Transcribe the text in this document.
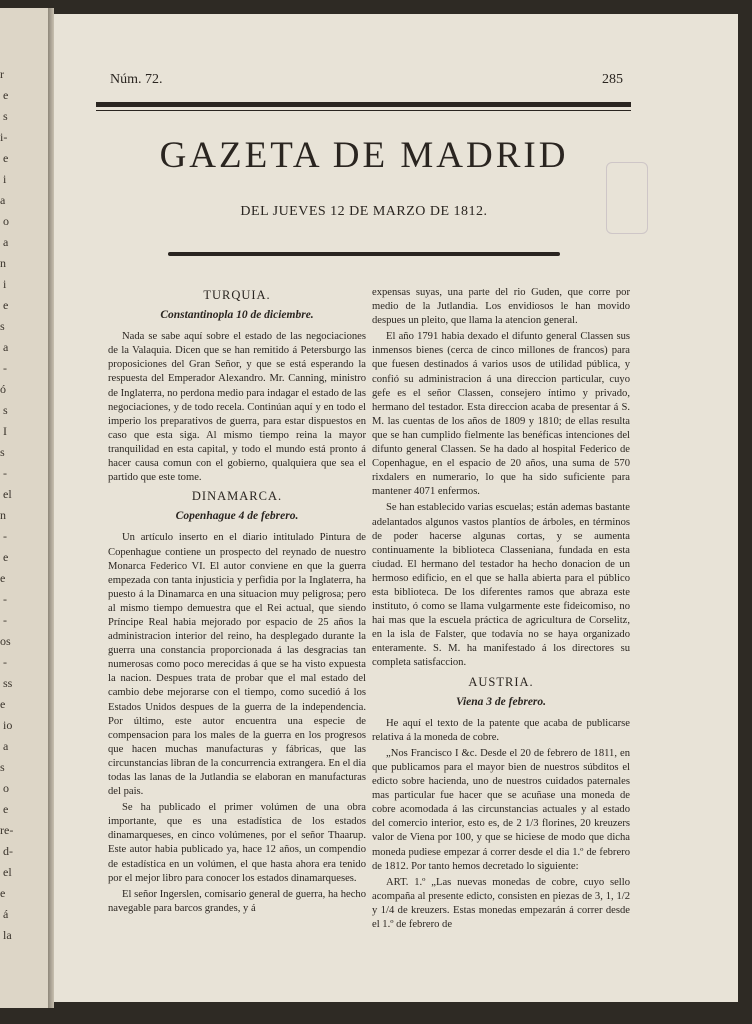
r
e
s
i-
e
i
a
o
a
n
i
e
s
a
-
ó
s
I
s
-
el
n
-
e
e
-
-
os
-
ss
e
io
a
s
o
e
re-
d-
el
e
á
la
Núm. 72.	285
GAZETA DE MADRID
DEL JUEVES 12 DE MARZO DE 1812.
TURQUIA.
Constantinopla 10 de diciembre.

Nada se sabe aquí sobre el estado de las negociaciones de la Valaquia. Dicen que se han remitido á Petersburgo las proposiciones del Gran Señor, y que se está esperando la respuesta del Emperador Alexandro. Mr. Canning, ministro de Inglaterra, no perdona medio para indagar el estado de las negociaciones, y de todo recela. Continúan aquí y en todo el imperio los preparativos de guerra, para estar dispuestos en caso que esta siga. Al mismo tiempo reina la mayor tranquilidad en esta capital, y todo el mundo está pronto á hacer causa comun con el gobierno, qualquiera que sea el partido que este tome.

DINAMARCA.
Copenhague 4 de febrero.

Un artículo inserto en el diario intitulado Pintura de Copenhague contiene un prospecto del reynado de nuestro Monarca Federico VI. El autor conviene en que la guerra empezada con tanta injusticia y perfidia por la Inglaterra, ha puesto á la Dinamarca en una situacion muy peligrosa; pero al mismo tiempo demuestra que el Rei actual, que siendo Príncipe Real habia mejorado por espacio de 25 años la administracion interior del reino, ha desplegado durante la guerra una constancia proporcionada á las desgracias tan numerosas como poco merecidas á que se ha visto expuesta la nacion. Despues trata de probar que el mal estado del cambio debe mejorarse con el tiempo, como sucedió á los Estados Unidos despues de la guerra de la independencia. Por último, este autor encuentra una especie de compensacion para los males de la guerra en los progresos que hacen muchas manufacturas y fábricas, que las circunstancias libran de la concurrencia extrangera. En el dia todas las lanas de la Jutlandia se elaboran en manufacturas del pais.

Se ha publicado el primer volúmen de una obra importante, que es una estadística de los estados dinamarqueses, en cinco volúmenes, por el señor Thaarup. Este autor habia publicado ya, hace 12 años, un compendio de estadística en un volúmen, el que hasta ahora era tenido por el mejor libro para conocer los estados dinamarqueses.

El señor Ingerslen, comisario general de guerra, ha hecho navegable para barcos grandes, y á

expensas suyas, una parte del rio Guden, que corre por medio de la Jutlandia. Los envidiosos le han movido despues un pleito, que llama la atencion general.

El año 1791 habia dexado el difunto general Classen sus inmensos bienes (cerca de cinco millones de francos) para que fuesen destinados á varios usos de utilidad pública, y confió su administracion á una direccion particular, cuyo gefe es el señor Classen, consejero íntimo y privado, hermano del testador. Esta direccion acaba de presentar á S. M. las cuentas de los años de 1809 y 1810; de ellas resulta que se han cumplido fielmente las benéficas intenciones del difunto general Classen. Se ha dado al hospital Federico de Copenhague, en el espacio de 20 años, una suma de 570 rixdalers en numerario, lo que ha sido suficiente para mantener 4071 enfermos.

Se han establecido varias escuelas; están ademas bastante adelantados algunos vastos plantíos de árboles, en términos de poder hacerse algunas cortas, y se aumenta continuamente la biblioteca Classeniana, fundada en esta ciudad. El hermano del testador ha hecho donacion de un hermoso edificio, en el que se halla abierta para el público esta biblioteca. De los diferentes ramos que abraza este instituto, ó como se llama vulgarmente este fideicomiso, no hai mas que la escuela práctica de agricultura de Corselitz, en la isla de Falster, que todavía no se haya organizado enteramente. S. M. ha manifestado á los directores su completa satisfaccion.

AUSTRIA.
Viena 3 de febrero.

He aquí el texto de la patente que acaba de publicarse relativa á la moneda de cobre.

„Nos Francisco I &c. Desde el 20 de febrero de 1811, en que publicamos para el mayor bien de nuestros súbditos el edicto sobre hacienda, uno de nuestros cuidados paternales mas particular fue hacer que se acuñase una moneda de cobre acomodada á las circunstancias actuales y al estado del comercio interior, esto es, de 2 1/3 florines, 20 kreuzers valor de Viena por 100, y que se hiciese de modo que dicha moneda pudiese empezar á correr desde el dia 1.º de febrero de 1812. Por tanto hemos decretado lo siguiente:

ART. 1.º „Las nuevas monedas de cobre, cuyo sello acompaña al presente edicto, consisten en piezas de 3, 1, 1/2 y 1/4 de kreuzers. Estas monedas empezarán á correr desde el 1.º de febrero de
